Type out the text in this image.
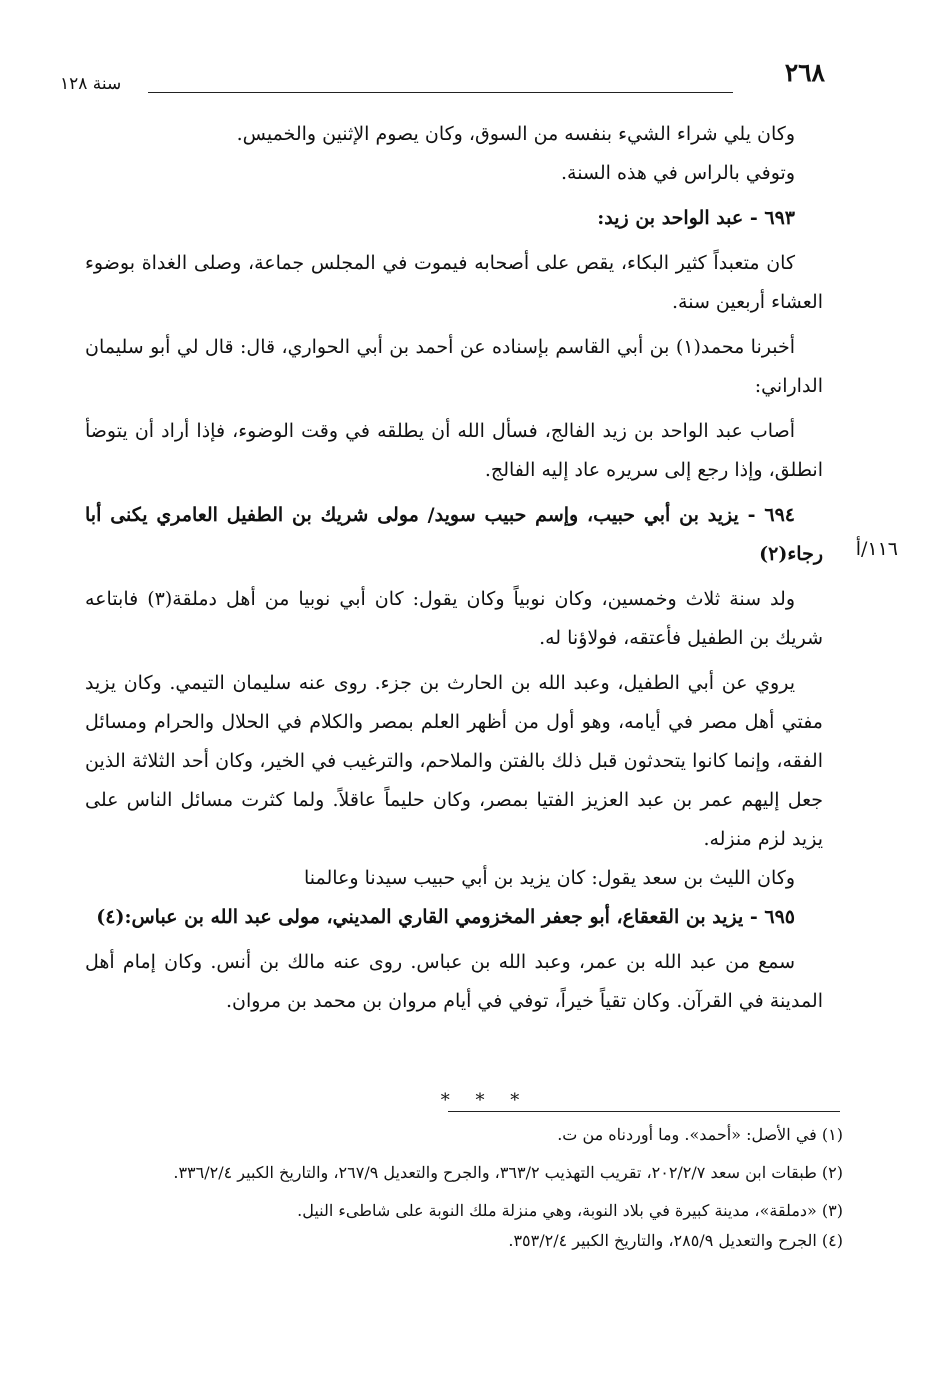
٢٦٨
سنة ١٢٨

وكان يلي شراء الشيء بنفسه من السوق، وكان يصوم الإثنين والخميس.

وتوفي بالراس في هذه السنة.

٦٩٣ - عبد الواحد بن زيد:

كان متعبداً كثير البكاء، يقص على أصحابه فيموت في المجلس جماعة، وصلى الغداة بوضوء العشاء أربعين سنة.

أخبرنا محمد(١) بن أبي القاسم بإسناده عن أحمد بن أبي الحواري، قال: قال لي أبو سليمان الداراني:

أصاب عبد الواحد بن زيد الفالج، فسأل الله أن يطلقه في وقت الوضوء، فإذا أراد أن يتوضأ انطلق، وإذا رجع إلى سريره عاد إليه الفالج.

٦٩٤ - يزيد بن أبي حبيب، وإسم حبيب سويد/ مولى شريك بن الطفيل العامري يكنى أبا رجاء(٢)

ولد سنة ثلاث وخمسين، وكان نوبياً وكان يقول: كان أبي نوبيا من أهل دملقة(٣) فابتاعه شريك بن الطفيل فأعتقه، فولاؤنا له.

يروي عن أبي الطفيل، وعبد الله بن الحارث بن جزء. روى عنه سليمان التيمي. وكان يزيد مفتي أهل مصر في أيامه، وهو أول من أظهر العلم بمصر والكلام في الحلال والحرام ومسائل الفقه، وإنما كانوا يتحدثون قبل ذلك بالفتن والملاحم، والترغيب في الخير، وكان أحد الثلاثة الذين جعل إليهم عمر بن عبد العزيز الفتيا بمصر، وكان حليماً عاقلاً. ولما كثرت مسائل الناس على يزيد لزم منزله.

وكان الليث بن سعد يقول: كان يزيد بن أبي حبيب سيدنا وعالمنا

٦٩٥ - يزيد بن القعقاع، أبو جعفر المخزومي القاري المديني، مولى عبد الله بن عباس:(٤)

سمع من عبد الله بن عمر، وعبد الله بن عباس. روى عنه مالك بن أنس. وكان إمام أهل المدينة في القرآن. وكان تقياً خيراً، توفي في أيام مروان بن محمد بن مروان.

١١٦/أ
* * *

(١) في الأصل: «أحمد». وما أوردناه من ت.

(٢) طبقات ابن سعد ٢٠٢/٢/٧، تقريب التهذيب ٣٦٣/٢، والجرح والتعديل ٢٦٧/٩، والتاريخ الكبير ٣٣٦/٢/٤.

(٣) «دملقة»، مدينة كبيرة في بلاد النوبة، وهي منزلة ملك النوبة على شاطىء النيل.

(٤) الجرح والتعديل ٢٨٥/٩، والتاريخ الكبير ٣٥٣/٢/٤.
